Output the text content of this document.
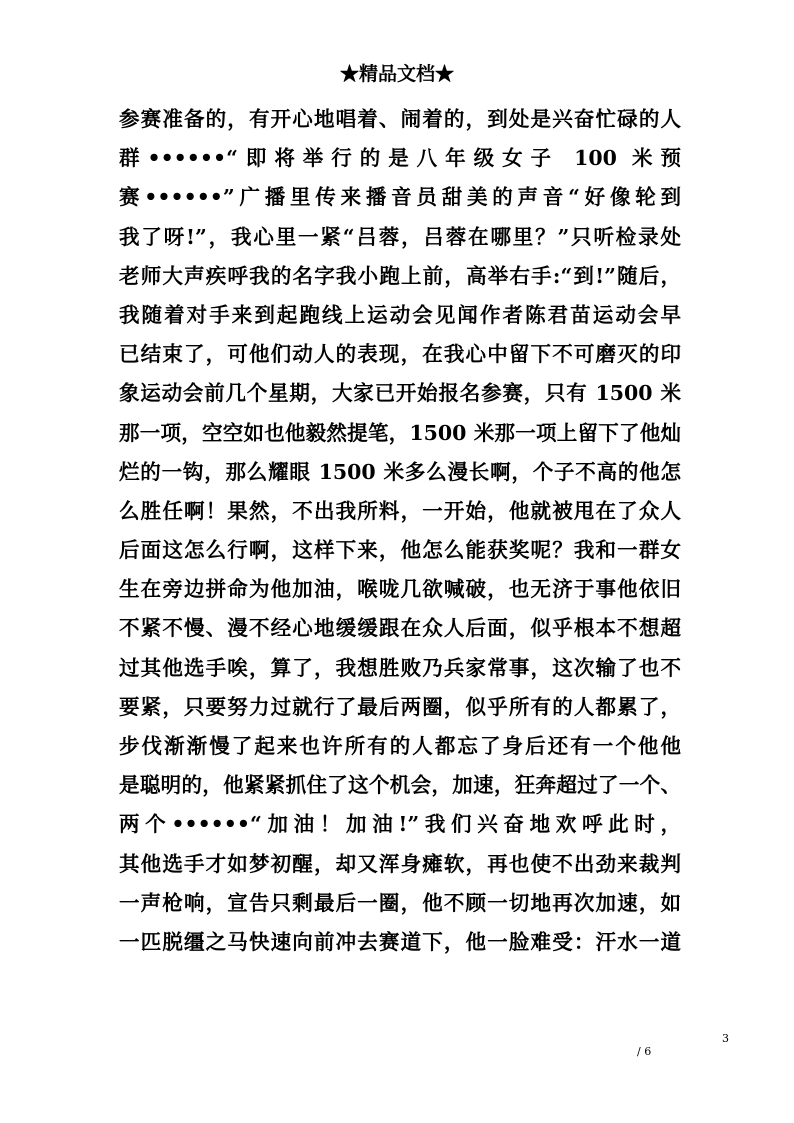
★精品文档★
参赛准备的，有开心地唱着、闹着的，到处是兴奋忙碌的人
群••••••“即将举行的是八年级女子 100 米预
赛••••••”广播里传来播音员甜美的声音“好像轮到
我了呀!”，我心里一紧“吕蓉，吕蓉在哪里？”只听检录处
老师大声疾呼我的名字我小跑上前，高举右手:“到!”随后，
我随着对手来到起跑线上运动会见闻作者陈君苗运动会早
已结束了，可他们动人的表现，在我心中留下不可磨灭的印
象运动会前几个星期，大家已开始报名参赛，只有 1500 米
那一项，空空如也他毅然提笔，1500 米那一项上留下了他灿
烂的一钩，那么耀眼 1500 米多么漫长啊，个子不高的他怎
么胜任啊！果然，不出我所料，一开始，他就被甩在了众人
后面这怎么行啊，这样下来，他怎么能获奖呢？我和一群女
生在旁边拼命为他加油，喉咙几欲喊破，也无济于事他依旧
不紧不慢、漫不经心地缓缓跟在众人后面，似乎根本不想超
过其他选手唉，算了，我想胜败乃兵家常事，这次输了也不
要紧，只要努力过就行了最后两圈，似乎所有的人都累了，
步伐渐渐慢了起来也许所有的人都忘了身后还有一个他他
是聪明的，他紧紧抓住了这个机会，加速，狂奔超过了一个、
两个••••••“加油！加油!”我们兴奋地欢呼此时，
其他选手才如梦初醒，却又浑身瘫软，再也使不出劲来裁判
一声枪响，宣告只剩最后一圈，他不顾一切地再次加速，如
一匹脱缰之马快速向前冲去赛道下，他一脸难受：汗水一道
3
/ 6
